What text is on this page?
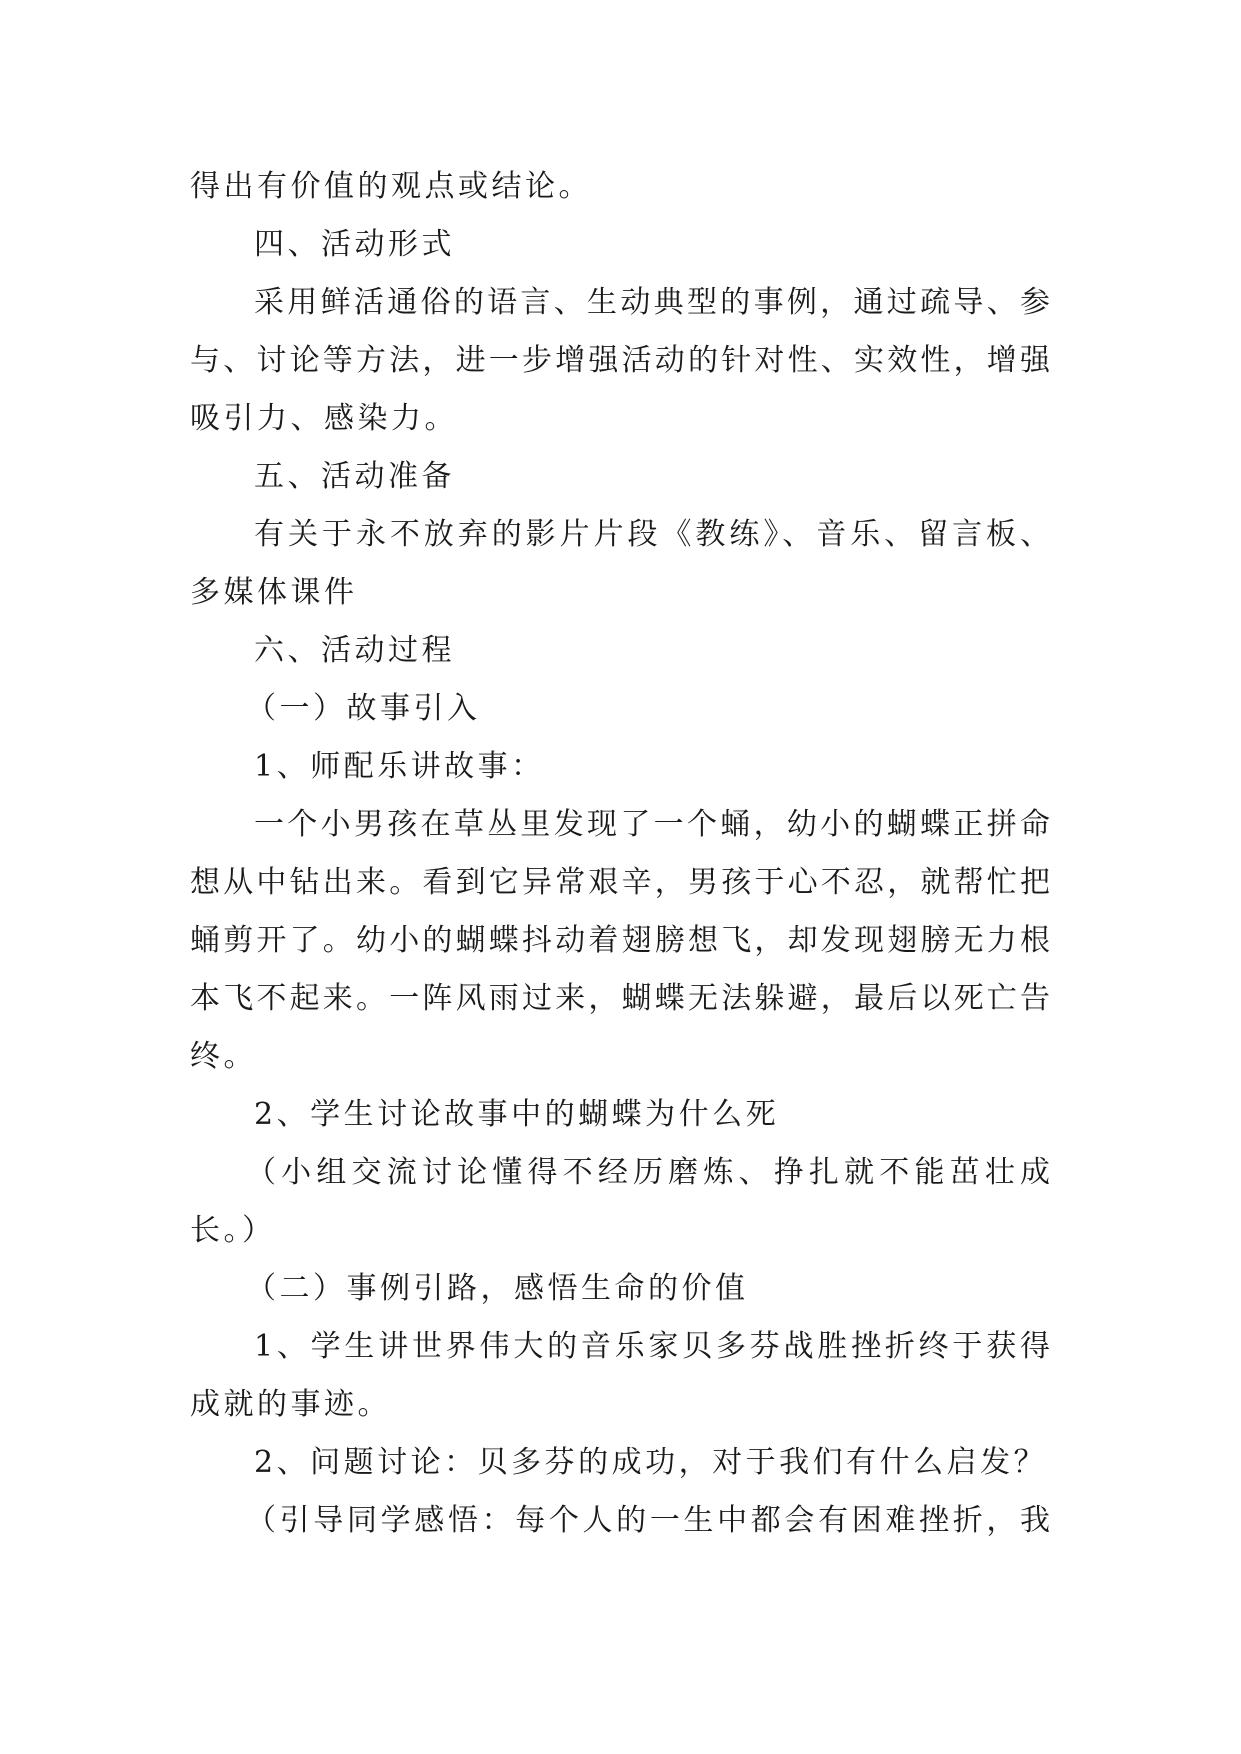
得出有价值的观点或结论。
四、活动形式
采用鲜活通俗的语言、生动典型的事例，通过疏导、参
与、讨论等方法，进一步增强活动的针对性、实效性，增强
吸引力、感染力。
五、活动准备
有关于永不放弃的影片片段《教练》、音乐、留言板、
多媒体课件
六、活动过程
（一）故事引入
1、师配乐讲故事：
一个小男孩在草丛里发现了一个蛹，幼小的蝴蝶正拼命
想从中钻出来。看到它异常艰辛，男孩于心不忍，就帮忙把
蛹剪开了。幼小的蝴蝶抖动着翅膀想飞，却发现翅膀无力根
本飞不起来。一阵风雨过来，蝴蝶无法躲避，最后以死亡告
终。
2、学生讨论故事中的蝴蝶为什么死
（小组交流讨论懂得不经历磨炼、挣扎就不能茁壮成
长。）
（二）事例引路，感悟生命的价值
1、学生讲世界伟大的音乐家贝多芬战胜挫折终于获得
成就的事迹。
2、问题讨论：贝多芬的成功，对于我们有什么启发？
（引导同学感悟：每个人的一生中都会有困难挫折，我
